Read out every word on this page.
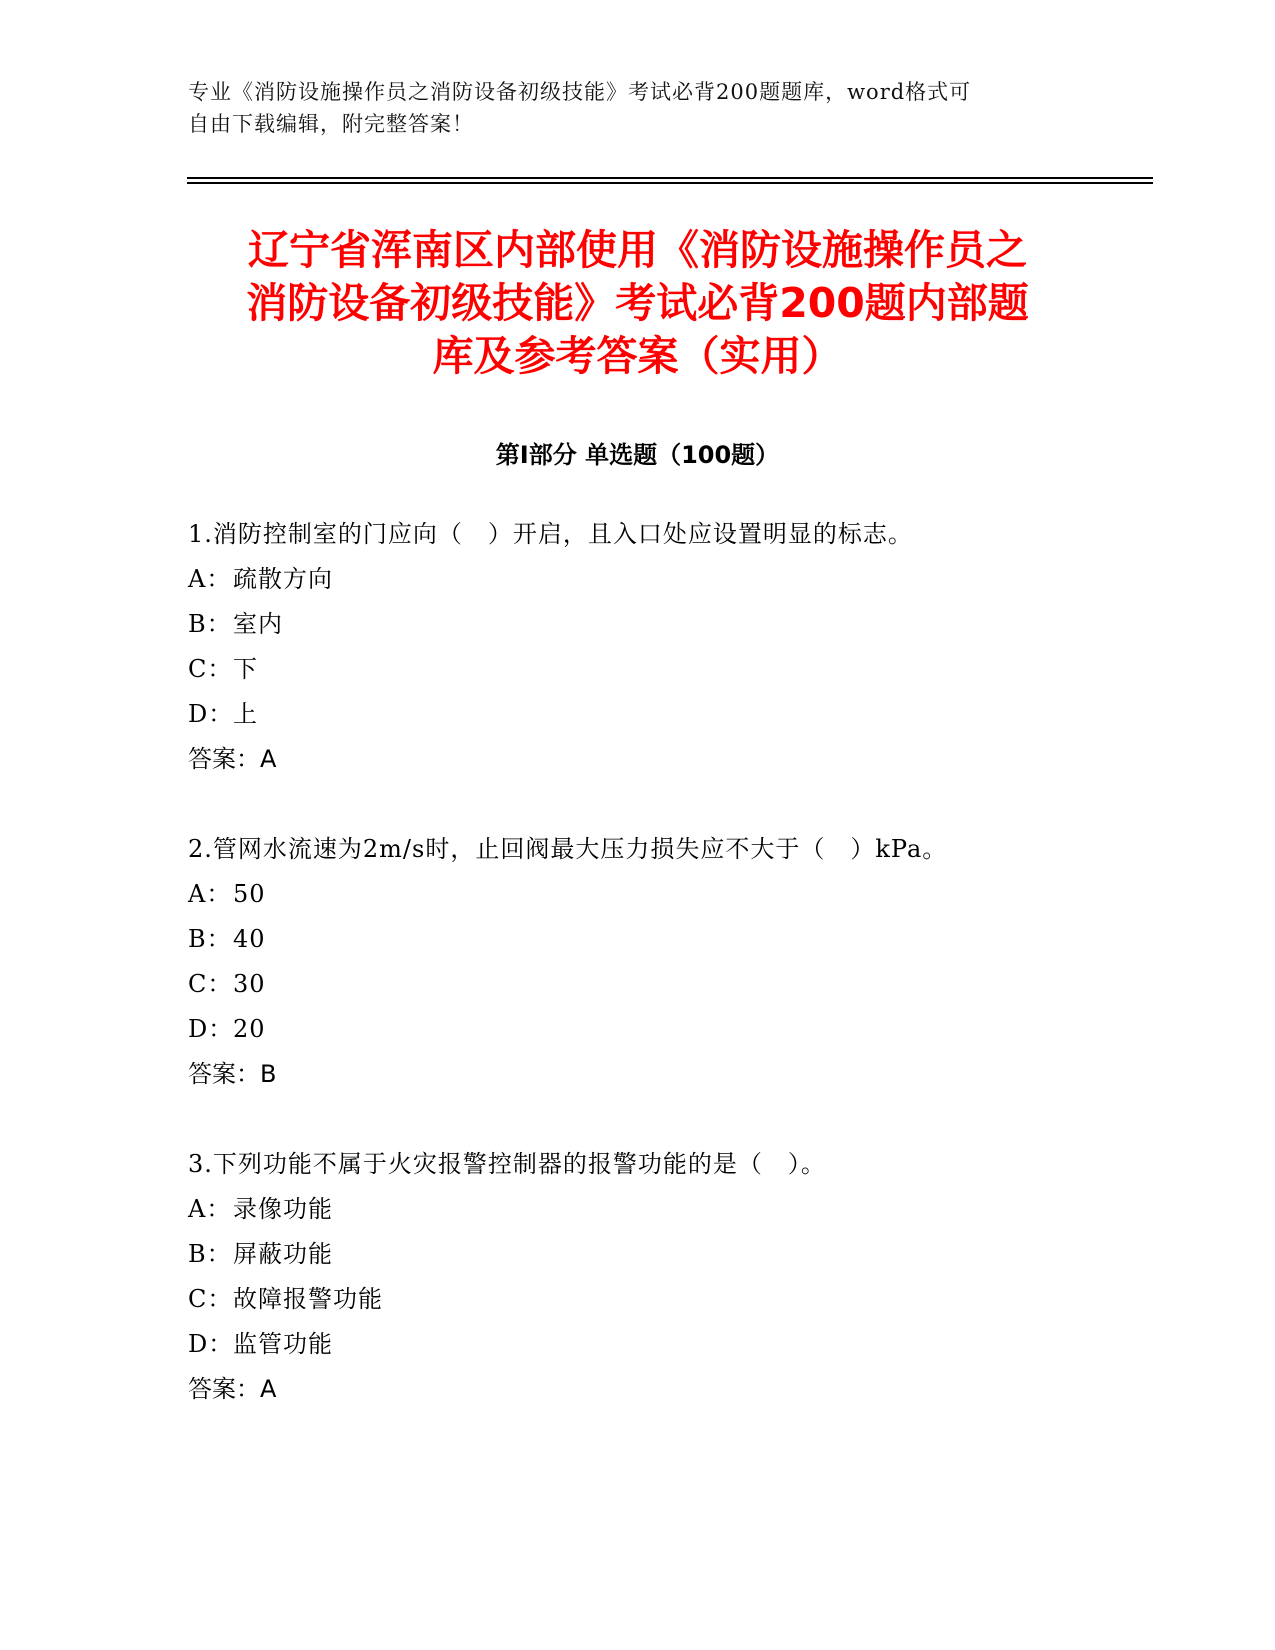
专业《消防设施操作员之消防设备初级技能》考试必背200题题库，word格式可
自由下载编辑，附完整答案！
辽宁省浑南区内部使用《消防设施操作员之
消防设备初级技能》考试必背200题内部题
库及参考答案（实用）
第Ⅰ部分 单选题（100题）
1.消防控制室的门应向（　）开启，且入口处应设置明显的标志。
A：疏散方向
B：室内
C：下
D：上
答案：A
2.管网水流速为2m/s时，止回阀最大压力损失应不大于（　）kPa。
A：50
B：40
C：30
D：20
答案：B
3.下列功能不属于火灾报警控制器的报警功能的是（　）。
A：录像功能
B：屏蔽功能
C：故障报警功能
D：监管功能
答案：A
